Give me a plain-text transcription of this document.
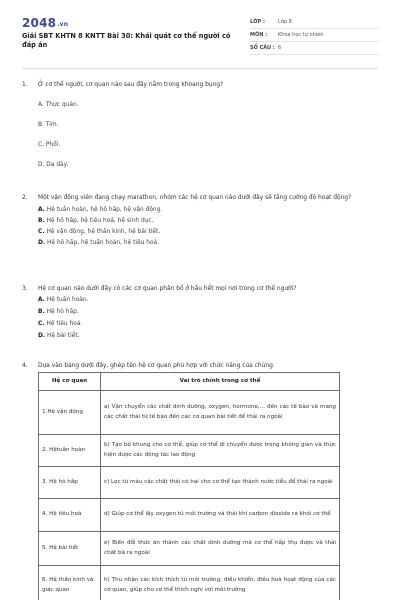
2048.vn
Giải SBT KHTN 8 KNTT Bài 30: Khái quát cơ thể người có đáp án
LỚP :	Lớp 8
MÔN : Khoa học tự nhiên
SỐ CÂU : 6
1. Ở cơ thể người, cơ quan nào sau đây nằm trong khoang bụng?
A. Thực quản.
B. Tim.
C. Phổi.
D. Dạ dày.
2. Một vận động viên đang chạy marathon, nhóm các hệ cơ quan nào dưới đây sẽ tăng cường độ hoạt động?
A. Hệ tuần hoàn, hệ hô hấp, hệ vận động.
B. Hệ hô hấp, hệ tiêu hoá, hệ sinh dục.
C. Hệ vận động, hệ thần kinh, hệ bài tiết.
D. Hệ hô hấp, hệ tuần hoàn, hệ tiêu hoá.
3. Hệ cơ quan nào dưới đây có các cơ quan phân bố ở hầu hết mọi nơi trong cơ thể người?
A. Hệ tuần hoàn.
B. Hệ hô hấp.
C. Hệ tiêu hoá.
D. Hệ bài tiết.
4. Dựa vào bảng dưới đây, ghép tên hệ cơ quan phù hợp với chức năng của chúng.
Hệ cơ quan	Vai trò chính trong cơ thể
1.Hệ vận động	a) Vận chuyển các chất dinh dưỡng, oxygen, hormone,... đến các tế bào và mang các chất thải từ tế bào đến các cơ quan bài tiết để thải ra ngoài
2. Hệtuần hoàn	b) Tạo bộ khung cho cơ thể, giúp cơ thể di chuyển được trong không gian và thực hiện được các động tác lao động
3. Hệ hô hấp	c) Lọc từ máu các chất thải có hại cho cơ thể tạo thành nước tiểu để thải ra ngoài
4. Hệ tiêu hoá	d) Giúp cơ thể lấy oxygen từ môi trường và thải khí carbon dioxide ra khỏi cơ thể
5. Hệ bài tiết	e) Biến đổi thức ăn thành các chất dinh dưỡng mà cơ thể hấp thụ được và thải chất bã ra ngoài
6. Hệ thần kinh và giác quan	h) Thu nhận các kích thích từ môi trường; điều khiển, điều hoà hoạt động của các cơ quan, giúp cho cơ thể thích nghi với môi trường
